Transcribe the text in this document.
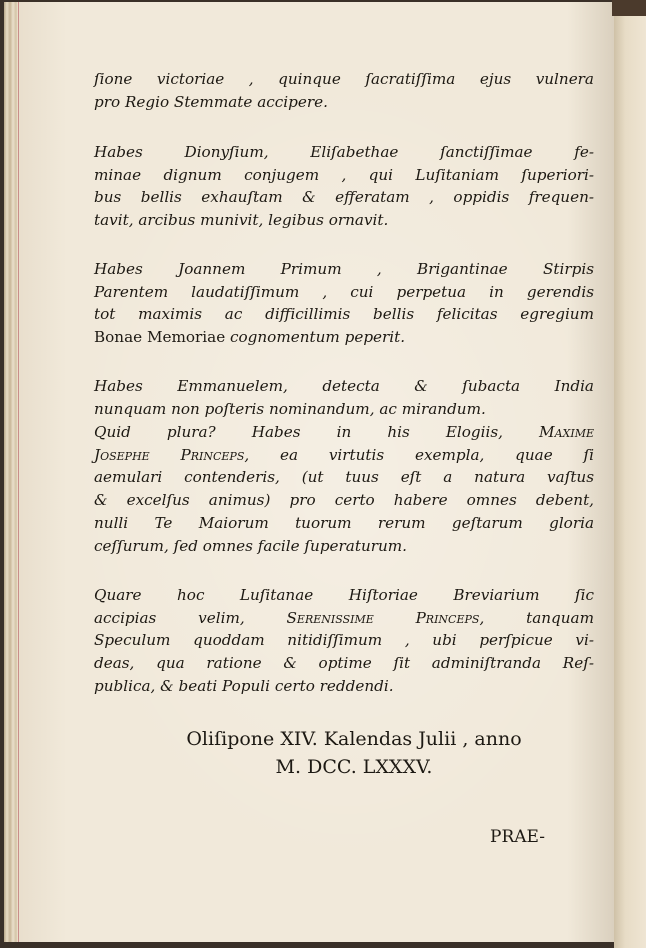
ſione victoriae , quinque ſacratiſſima ejus vulnera
pro Regio Stemmate accipere.
Habes Dionyſium, Eliſabethae ſanctiſſimae fe-
minae dignum conjugem , qui Luſitaniam ſuperiori-
bus bellis exhauſtam & efferatam , oppidis frequen-
tavit, arcibus munivit, legibus ornavit.
Habes Joannem Primum , Brigantinae Stirpis
Parentem laudatiſſimum , cui perpetua in gerendis
tot maximis ac difficillimis bellis felicitas egregium
Bonae Memoriae cognomentum peperit.
Habes Emmanuelem, detecta & ſubacta India
nunquam non poſteris nominandum, ac mirandum.
Quid plura? Habes in his Elogiis, Maxime
Josephe Princeps, ea virtutis exempla, quae ſi
aemulari contenderis, (ut tuus eſt a natura vaſtus
& excelſus animus) pro certo habere omnes debent,
nulli Te Maiorum tuorum rerum geſtarum gloria
ceſſurum, ſed omnes facile ſuperaturum.
Quare hoc Luſitanae Hiſtoriae Breviarium ſic
accipias velim,	Serenissime Princeps, tanquam
Speculum quoddam nitidiſſimum , ubi perſpicue vi-
deas, qua ratione & optime ſit adminiſtranda Reſ-
publica, & beati Populi certo reddendi.
Oliſipone XIV. Kalendas Julii , anno
M. DCC. LXXXV.
PRAE-
